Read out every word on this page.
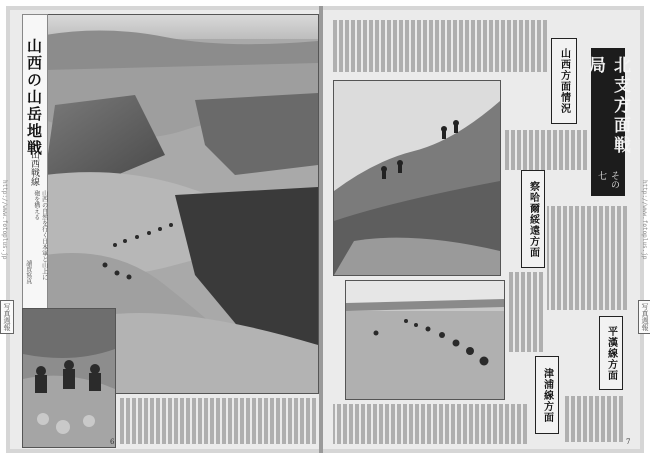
山西の山岳地戦
山西戦線
山西の自然を行く日本軍と山上に砲を構える
讀賣寫真
6
北支方面戦局
その七
山西方面情況
察哈爾綏遠方面
平漢線方面
津浦線方面
7
http://www.fotoplus.jp
写真週報
http://www.fotoplus.jp
写真週報
